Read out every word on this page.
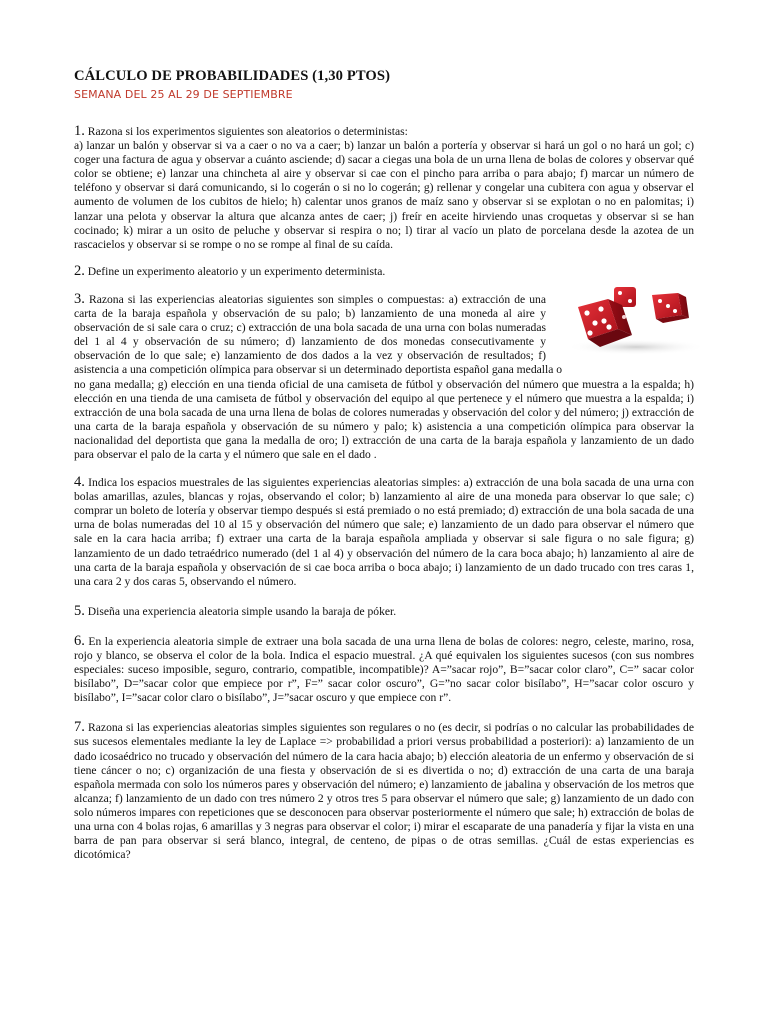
CÁLCULO DE PROBABILIDADES (1,30 PTOS)
SEMANA DEL 25 AL 29 DE SEPTIEMBRE

1. Razona si los experimentos siguientes son aleatorios o deterministas:
a) lanzar un balón y observar si va a caer o no va a caer; b) lanzar un balón a portería y observar si hará un gol o no hará un gol; c) coger una factura de agua y observar a cuánto asciende; d) sacar a ciegas una bola de un urna llena de bolas de colores y observar qué color se obtiene; e) lanzar una chincheta al aire y observar si cae con el pincho para arriba o para abajo; f) marcar un número de teléfono y observar si dará comunicando, si lo cogerán o si no lo cogerán; g) rellenar y congelar una cubitera con agua y observar el aumento de volumen de los cubitos de hielo; h) calentar unos granos de maíz sano y observar si se explotan o no en palomitas; i) lanzar una pelota y observar la altura que alcanza antes de caer; j) freír en aceite hirviendo unas croquetas y observar si se han cocinado; k) mirar a un osito de peluche y observar si respira o no; l) tirar al vacío un plato de porcelana desde la azotea de un rascacielos y observar si se rompe o no se rompe al final de su caída.

2. Define un experimento aleatorio y un experimento determinista.

3. Razona si las experiencias aleatorias siguientes son simples o compuestas: a) extracción de una carta de la baraja española y observación de su palo; b) lanzamiento de una moneda al aire y observación de si sale cara o cruz; c) extracción de una bola sacada de una urna con bolas numeradas del 1 al 4 y observación de su número; d) lanzamiento de dos monedas consecutivamente y observación de lo que sale; e) lanzamiento de dos dados a la vez y observación de resultados; f) asistencia a una competición olímpica para observar si un determinado deportista español gana medalla o
no gana medalla; g) elección en una tienda oficial de una camiseta de fútbol y observación del número que muestra a la espalda; h) elección en una tienda de una camiseta de fútbol y observación del equipo al que pertenece y el número que muestra a la espalda; i) extracción de una bola sacada de una urna llena de bolas de colores numeradas y observación del color y del número; j) extracción de una carta de la baraja española y observación de su número y palo; k) asistencia a una competición olímpica para observar la nacionalidad del deportista que gana la medalla de oro; l) extracción de una carta de la baraja española y lanzamiento de un dado para observar el palo de la carta y el número que sale en el dado .

4. Indica los espacios muestrales de las siguientes experiencias aleatorias simples: a) extracción de una bola sacada de una urna con bolas amarillas, azules, blancas y rojas, observando el color; b) lanzamiento al aire de una moneda para observar lo que sale; c) comprar un boleto de lotería y observar tiempo después si está premiado o no está premiado; d) extracción de una bola sacada de una urna de bolas numeradas del 10 al 15 y observación del número que sale; e) lanzamiento de un dado para observar el número que sale en la cara hacia arriba; f) extraer una carta de la baraja española ampliada y observar si sale figura o no sale figura; g) lanzamiento de un dado tetraédrico numerado (del 1 al 4) y observación del número de la cara boca abajo; h) lanzamiento al aire de una carta de la baraja española y observación de si cae boca arriba o boca abajo; i) lanzamiento de un dado trucado con tres caras 1, una cara 2 y dos caras 5, observando el número.

5. Diseña una experiencia aleatoria simple usando la baraja de póker.

6. En la experiencia aleatoria simple de extraer una bola sacada de una urna llena de bolas de colores: negro, celeste, marino, rosa, rojo y blanco, se observa el color de la bola. Indica el espacio muestral. ¿A qué equivalen los siguientes sucesos (con sus nombres especiales: suceso imposible, seguro, contrario, compatible, incompatible)? A=”sacar rojo”, B=”sacar color claro”, C=” sacar color bisílabo”, D=”sacar color que empiece por r”, F=” sacar color oscuro”, G=”no sacar color bisílabo”, H=”sacar color oscuro y bisílabo”, I=”sacar color claro o bisílabo”, J=”sacar oscuro y que empiece con r”.

7. Razona si las experiencias aleatorias simples siguientes son regulares o no (es decir, si podrías o no calcular las probabilidades de sus sucesos elementales mediante la ley de Laplace => probabilidad a priori versus probabilidad a posteriori): a) lanzamiento de un dado icosaédrico no trucado y observación del número de la cara hacia abajo; b) elección aleatoria de un enfermo y observación de si tiene cáncer o no; c) organización de una fiesta y observación de si es divertida o no; d) extracción de una carta de una baraja española mermada con solo los números pares y observación del número; e) lanzamiento de jabalina y observación de los metros que alcanza; f) lanzamiento de un dado con tres número 2 y otros tres 5 para observar el número que sale; g) lanzamiento de un dado con solo números impares con repeticiones que se desconocen para observar posteriormente el número que sale; h) extracción de bolas de una urna con 4 bolas rojas, 6 amarillas y 3 negras para observar el color; i) mirar el escaparate de una panadería y fijar la vista en una barra de pan para observar si será blanco, integral, de centeno, de pipas o de otras semillas. ¿Cuál de estas experiencias es dicotómica?
